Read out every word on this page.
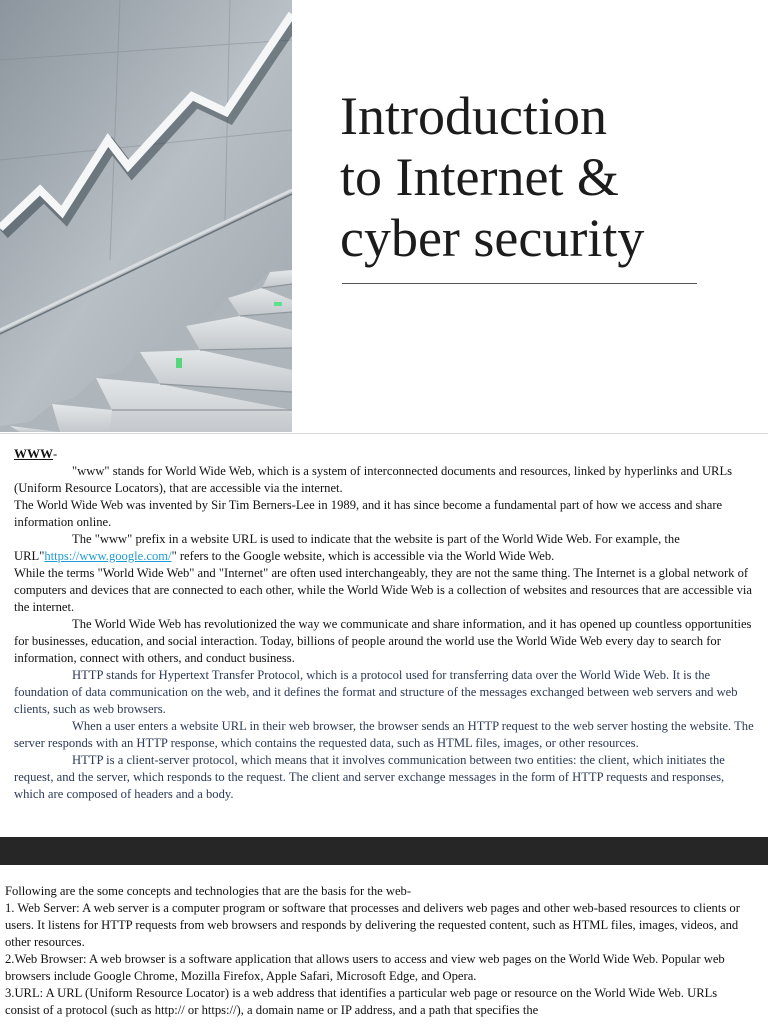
Introduction
to Internet &
cyber security

WWW-

"www" stands for World Wide Web, which is a system of interconnected documents and resources, linked by hyperlinks and URLs (Uniform Resource Locators), that are accessible via the internet.

The World Wide Web was invented by Sir Tim Berners-Lee in 1989, and it has since become a fundamental part of how we access and share information online.

The "www" prefix in a website URL is used to indicate that the website is part of the World Wide Web. For example, the URL"https://www.google.com/" refers to the Google website, which is accessible via the World Wide Web.

While the terms "World Wide Web" and "Internet" are often used interchangeably, they are not the same thing. The Internet is a global network of computers and devices that are connected to each other, while the World Wide Web is a collection of websites and resources that are accessible via the internet.

The World Wide Web has revolutionized the way we communicate and share information, and it has opened up countless opportunities for businesses, education, and social interaction. Today, billions of people around the world use the World Wide Web every day to search for information, connect with others, and conduct business.

HTTP stands for Hypertext Transfer Protocol, which is a protocol used for transferring data over the World Wide Web. It is the foundation of data communication on the web, and it defines the format and structure of the messages exchanged between web servers and web clients, such as web browsers.

When a user enters a website URL in their web browser, the browser sends an HTTP request to the web server hosting the website. The server responds with an HTTP response, which contains the requested data, such as HTML files, images, or other resources.

HTTP is a client-server protocol, which means that it involves communication between two entities: the client, which initiates the request, and the server, which responds to the request. The client and server exchange messages in the form of HTTP requests and responses, which are composed of headers and a body.

Following are the some concepts and technologies that are the basis for the web-

1. Web Server: A web server is a computer program or software that processes and delivers web pages and other web-based resources to clients or users. It listens for HTTP requests from web browsers and responds by delivering the requested content, such as HTML files, images, videos, and other resources.

2.Web Browser: A web browser is a software application that allows users to access and view web pages on the World Wide Web. Popular web browsers include Google Chrome, Mozilla Firefox, Apple Safari, Microsoft Edge, and Opera.

3.URL: A URL (Uniform Resource Locator) is a web address that identifies a particular web page or resource on the World Wide Web. URLs consist of a protocol (such as http:// or https://), a domain name or IP address, and a path that specifies the
